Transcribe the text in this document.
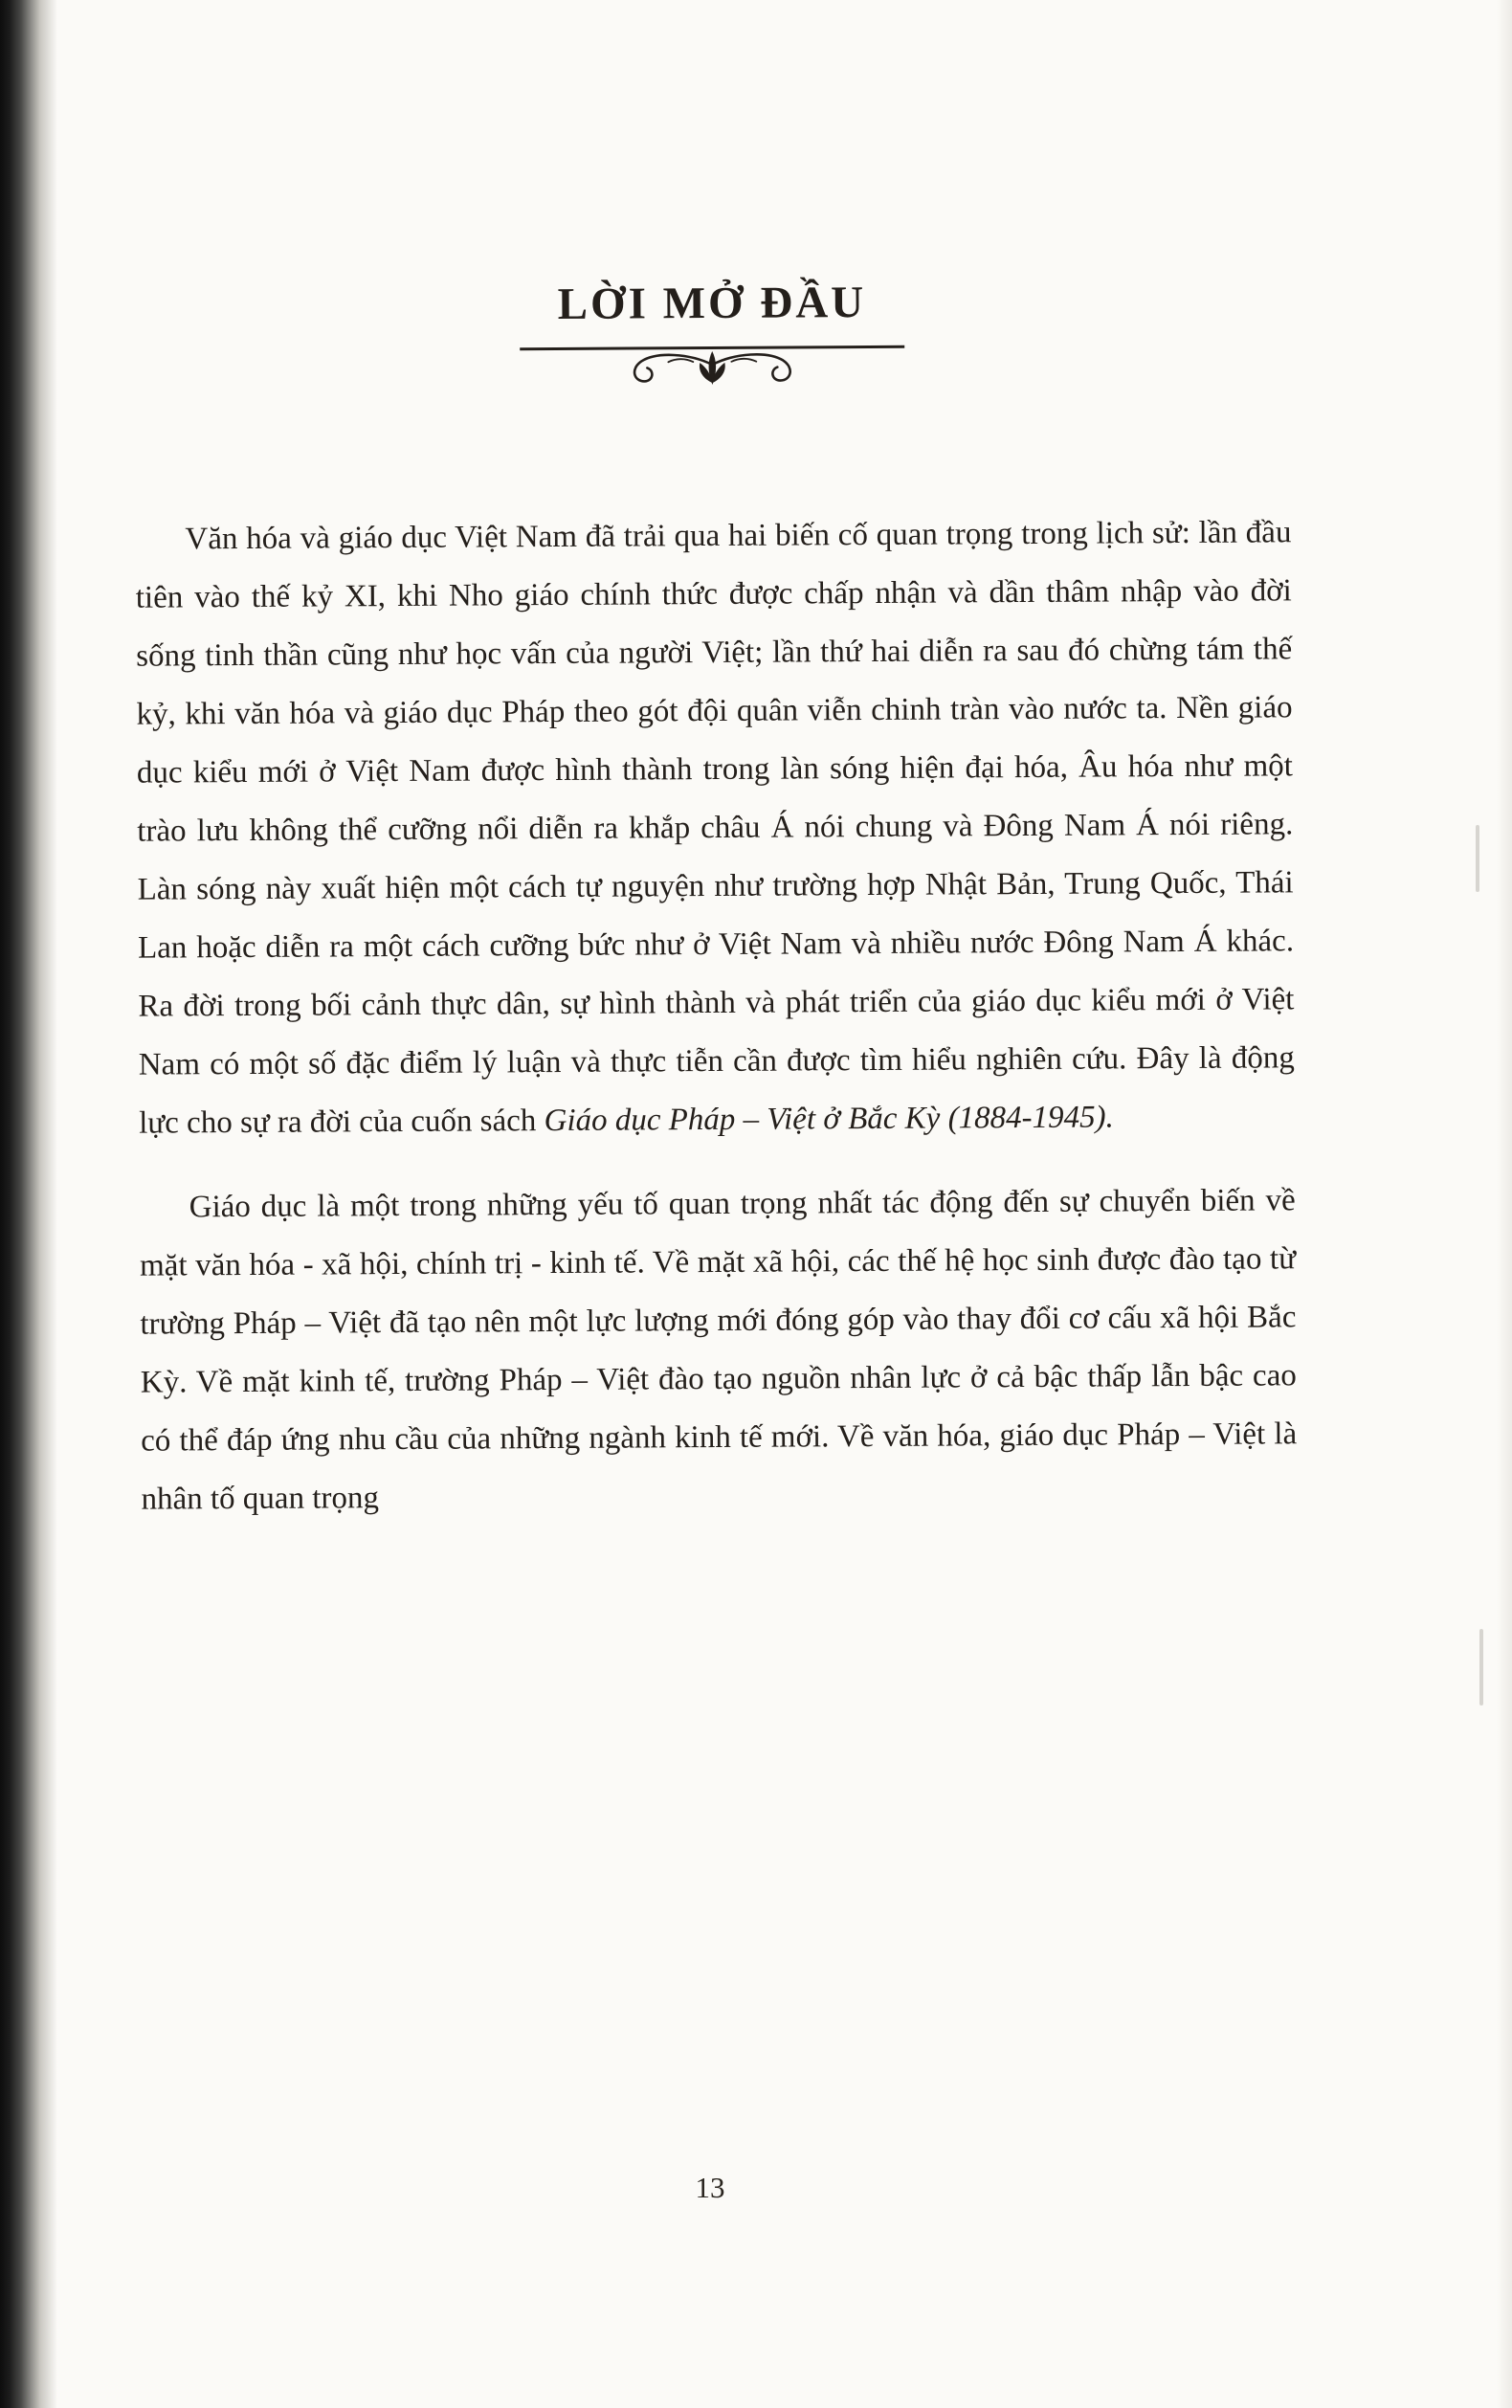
LỜI MỞ ĐẦU

Văn hóa và giáo dục Việt Nam đã trải qua hai biến cố quan trọng trong lịch sử: lần đầu tiên vào thế kỷ XI, khi Nho giáo chính thức được chấp nhận và dần thâm nhập vào đời sống tinh thần cũng như học vấn của người Việt; lần thứ hai diễn ra sau đó chừng tám thế kỷ, khi văn hóa và giáo dục Pháp theo gót đội quân viễn chinh tràn vào nước ta. Nền giáo dục kiểu mới ở Việt Nam được hình thành trong làn sóng hiện đại hóa, Âu hóa như một trào lưu không thể cưỡng nổi diễn ra khắp châu Á nói chung và Đông Nam Á nói riêng. Làn sóng này xuất hiện một cách tự nguyện như trường hợp Nhật Bản, Trung Quốc, Thái Lan hoặc diễn ra một cách cưỡng bức như ở Việt Nam và nhiều nước Đông Nam Á khác. Ra đời trong bối cảnh thực dân, sự hình thành và phát triển của giáo dục kiểu mới ở Việt Nam có một số đặc điểm lý luận và thực tiễn cần được tìm hiểu nghiên cứu. Đây là động lực cho sự ra đời của cuốn sách Giáo dục Pháp – Việt ở Bắc Kỳ (1884-1945).

Giáo dục là một trong những yếu tố quan trọng nhất tác động đến sự chuyển biến về mặt văn hóa - xã hội, chính trị - kinh tế. Về mặt xã hội, các thế hệ học sinh được đào tạo từ trường Pháp – Việt đã tạo nên một lực lượng mới đóng góp vào thay đổi cơ cấu xã hội Bắc Kỳ. Về mặt kinh tế, trường Pháp – Việt đào tạo nguồn nhân lực ở cả bậc thấp lẫn bậc cao có thể đáp ứng nhu cầu của những ngành kinh tế mới. Về văn hóa, giáo dục Pháp – Việt là nhân tố quan trọng

13
